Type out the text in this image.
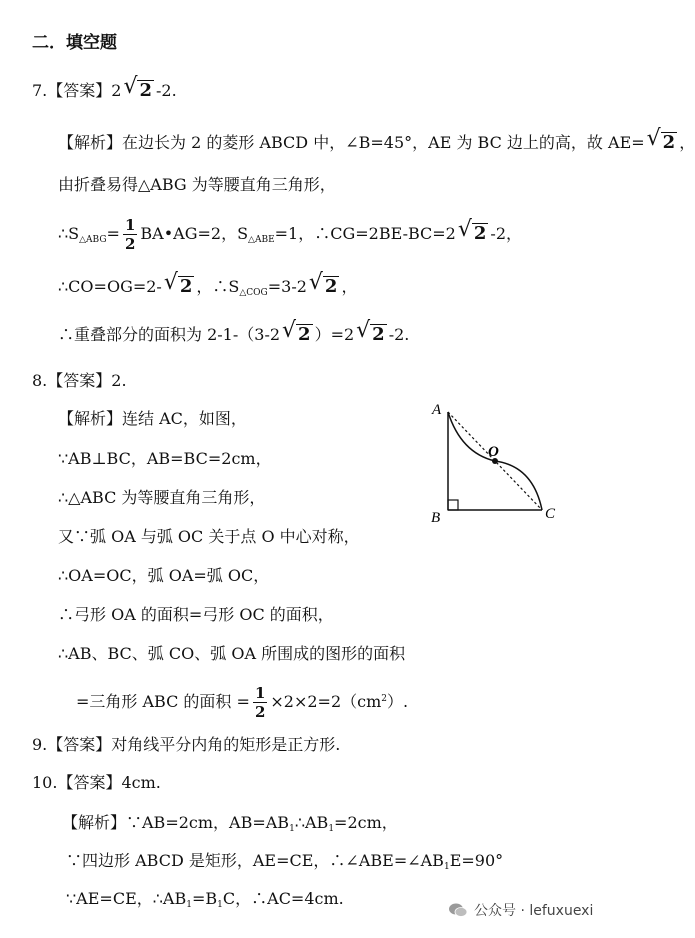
二．填空题
7.【答案】2 √ 2 -2.
【解析】在边长为 2 的菱形 ABCD 中，∠B=45°，AE 为 BC 边上的高，故 AE= √ 2 ，
由折叠易得△ABG 为等腰直角三角形，
$\therefore S_{\triangle ABG}= \frac{1}{2}$ BA•AG=2，$S_{\triangle ABE}=1$，∴CG=2BE-BC=2 √ 2 -2，
∴CO=OG=2- √ 2 ，$\therefore S_{\triangle COG}=3-2$ √ 2 ，
∴重叠部分的面积为 2-1-（3-2 √ 2 ）=2 √ 2 -2.
8.【答案】2.
【解析】连结 AC，如图，
∵AB⊥BC，AB=BC=2cm，
∴△ABC 为等腰直角三角形，
又∵弧 OA 与弧 OC 关于点 O 中心对称，
∴OA=OC，弧 OA=弧 OC，
∴弓形 OA 的面积=弓形 OC 的面积，
∴AB、BC、弧 CO、弧 OA 所围成的图形的面积
=三角形 ABC 的面积 = $\frac{1}{2} \times 2\times 2=2(cm^2)$.
A
B	C
O
9.【答案】对角线平分内角的矩形是正方形.
10.【答案】4cm.
【解析】∵AB=2cm，$AB=AB_1\therefore AB_1=2cm$，
∵四边形 ABCD 是矩形，AE=CE，$\therefore\angle ABE=\angle AB_1E=90^\circ$
∵AE=CE，$\therefore AB_1=B_1C$，∴AC=4cm.
公众号 · lefuxuexi
